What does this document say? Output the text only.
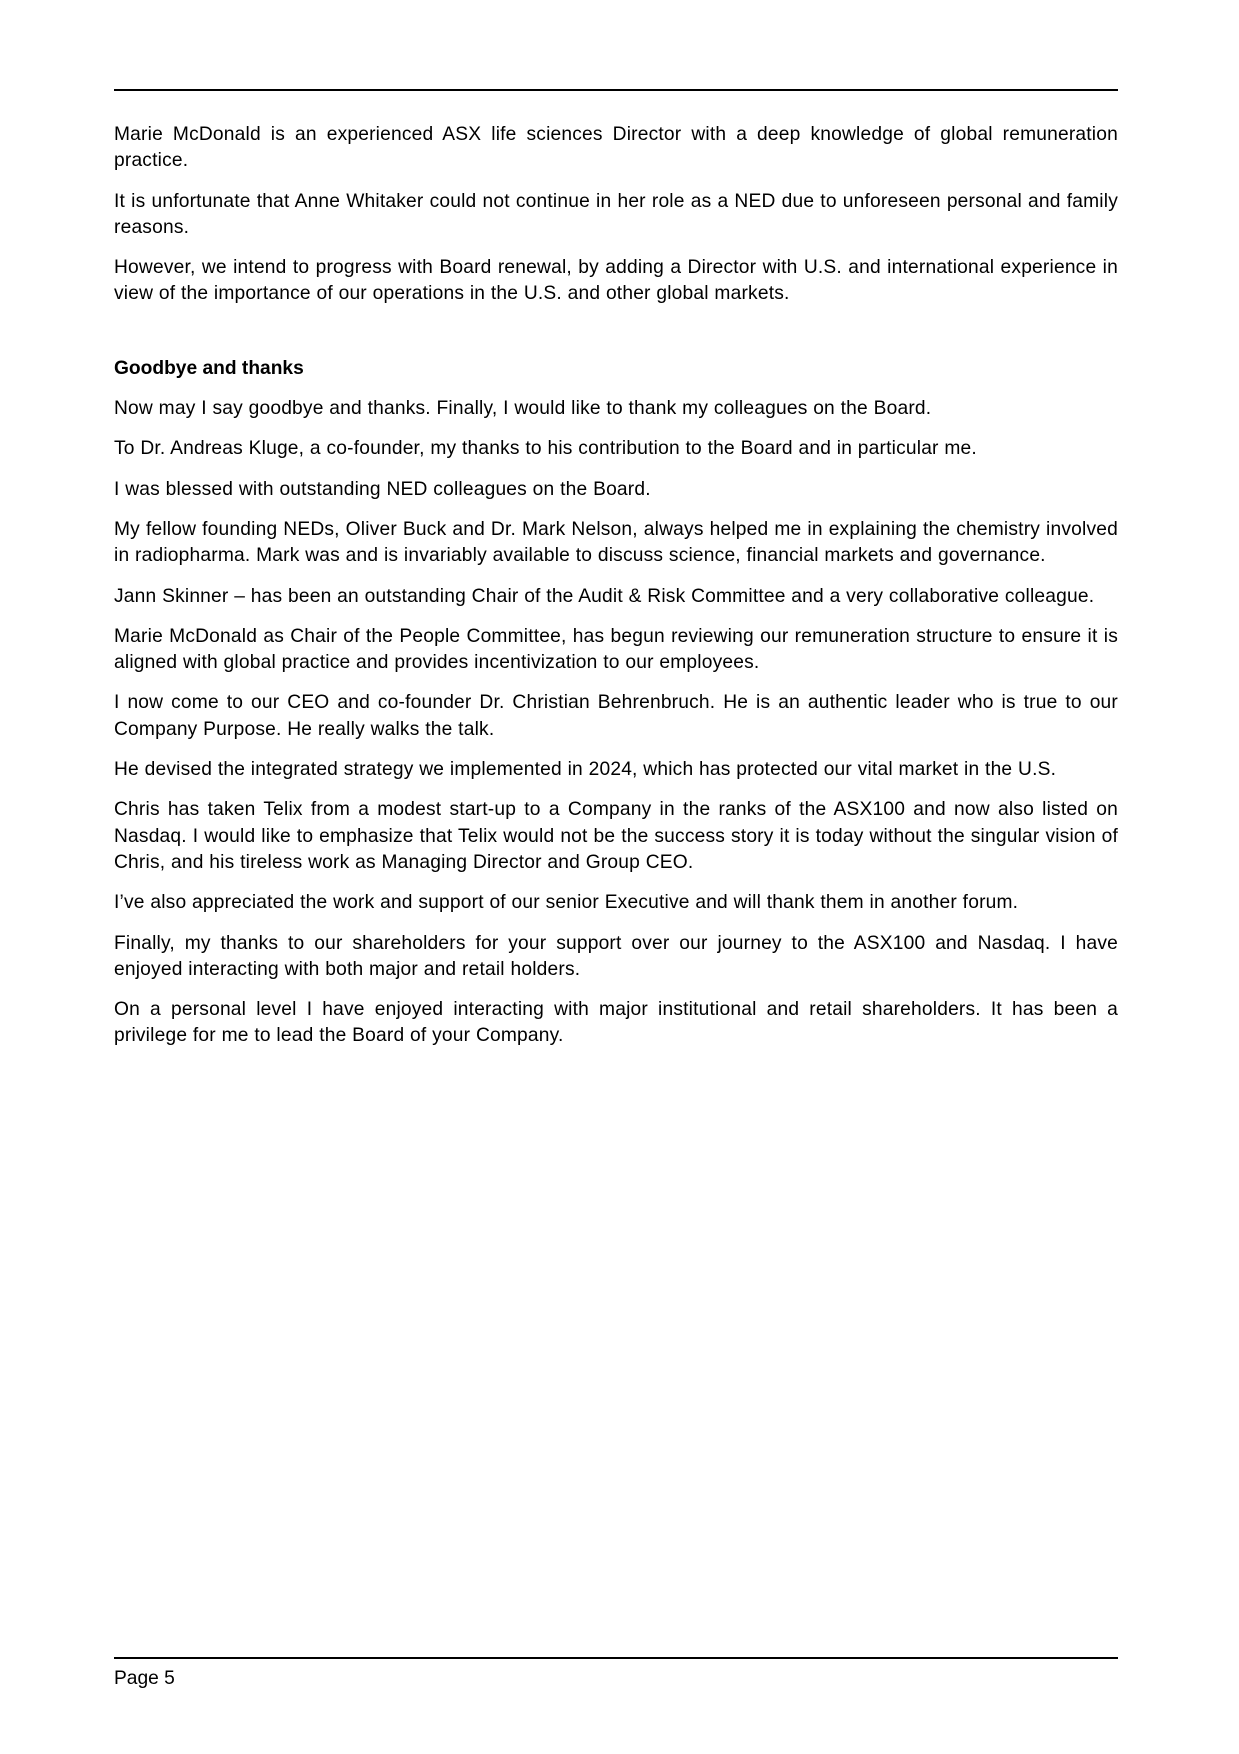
Marie McDonald is an experienced ASX life sciences Director with a deep knowledge of global remuneration practice.

It is unfortunate that Anne Whitaker could not continue in her role as a NED due to unforeseen personal and family reasons.

However, we intend to progress with Board renewal, by adding a Director with U.S. and international experience in view of the importance of our operations in the U.S. and other global markets.

Goodbye and thanks

Now may I say goodbye and thanks. Finally, I would like to thank my colleagues on the Board.

To Dr. Andreas Kluge, a co-founder, my thanks to his contribution to the Board and in particular me.

I was blessed with outstanding NED colleagues on the Board.

My fellow founding NEDs, Oliver Buck and Dr. Mark Nelson, always helped me in explaining the chemistry involved in radiopharma. Mark was and is invariably available to discuss science, financial markets and governance.

Jann Skinner – has been an outstanding Chair of the Audit & Risk Committee and a very collaborative colleague.

Marie McDonald as Chair of the People Committee, has begun reviewing our remuneration structure to ensure it is aligned with global practice and provides incentivization to our employees.

I now come to our CEO and co-founder Dr. Christian Behrenbruch. He is an authentic leader who is true to our Company Purpose. He really walks the talk.

He devised the integrated strategy we implemented in 2024, which has protected our vital market in the U.S.

Chris has taken Telix from a modest start-up to a Company in the ranks of the ASX100 and now also listed on Nasdaq. I would like to emphasize that Telix would not be the success story it is today without the singular vision of Chris, and his tireless work as Managing Director and Group CEO.

I’ve also appreciated the work and support of our senior Executive and will thank them in another forum.

Finally, my thanks to our shareholders for your support over our journey to the ASX100 and Nasdaq. I have enjoyed interacting with both major and retail holders.

On a personal level I have enjoyed interacting with major institutional and retail shareholders. It has been a privilege for me to lead the Board of your Company.

Page 5
